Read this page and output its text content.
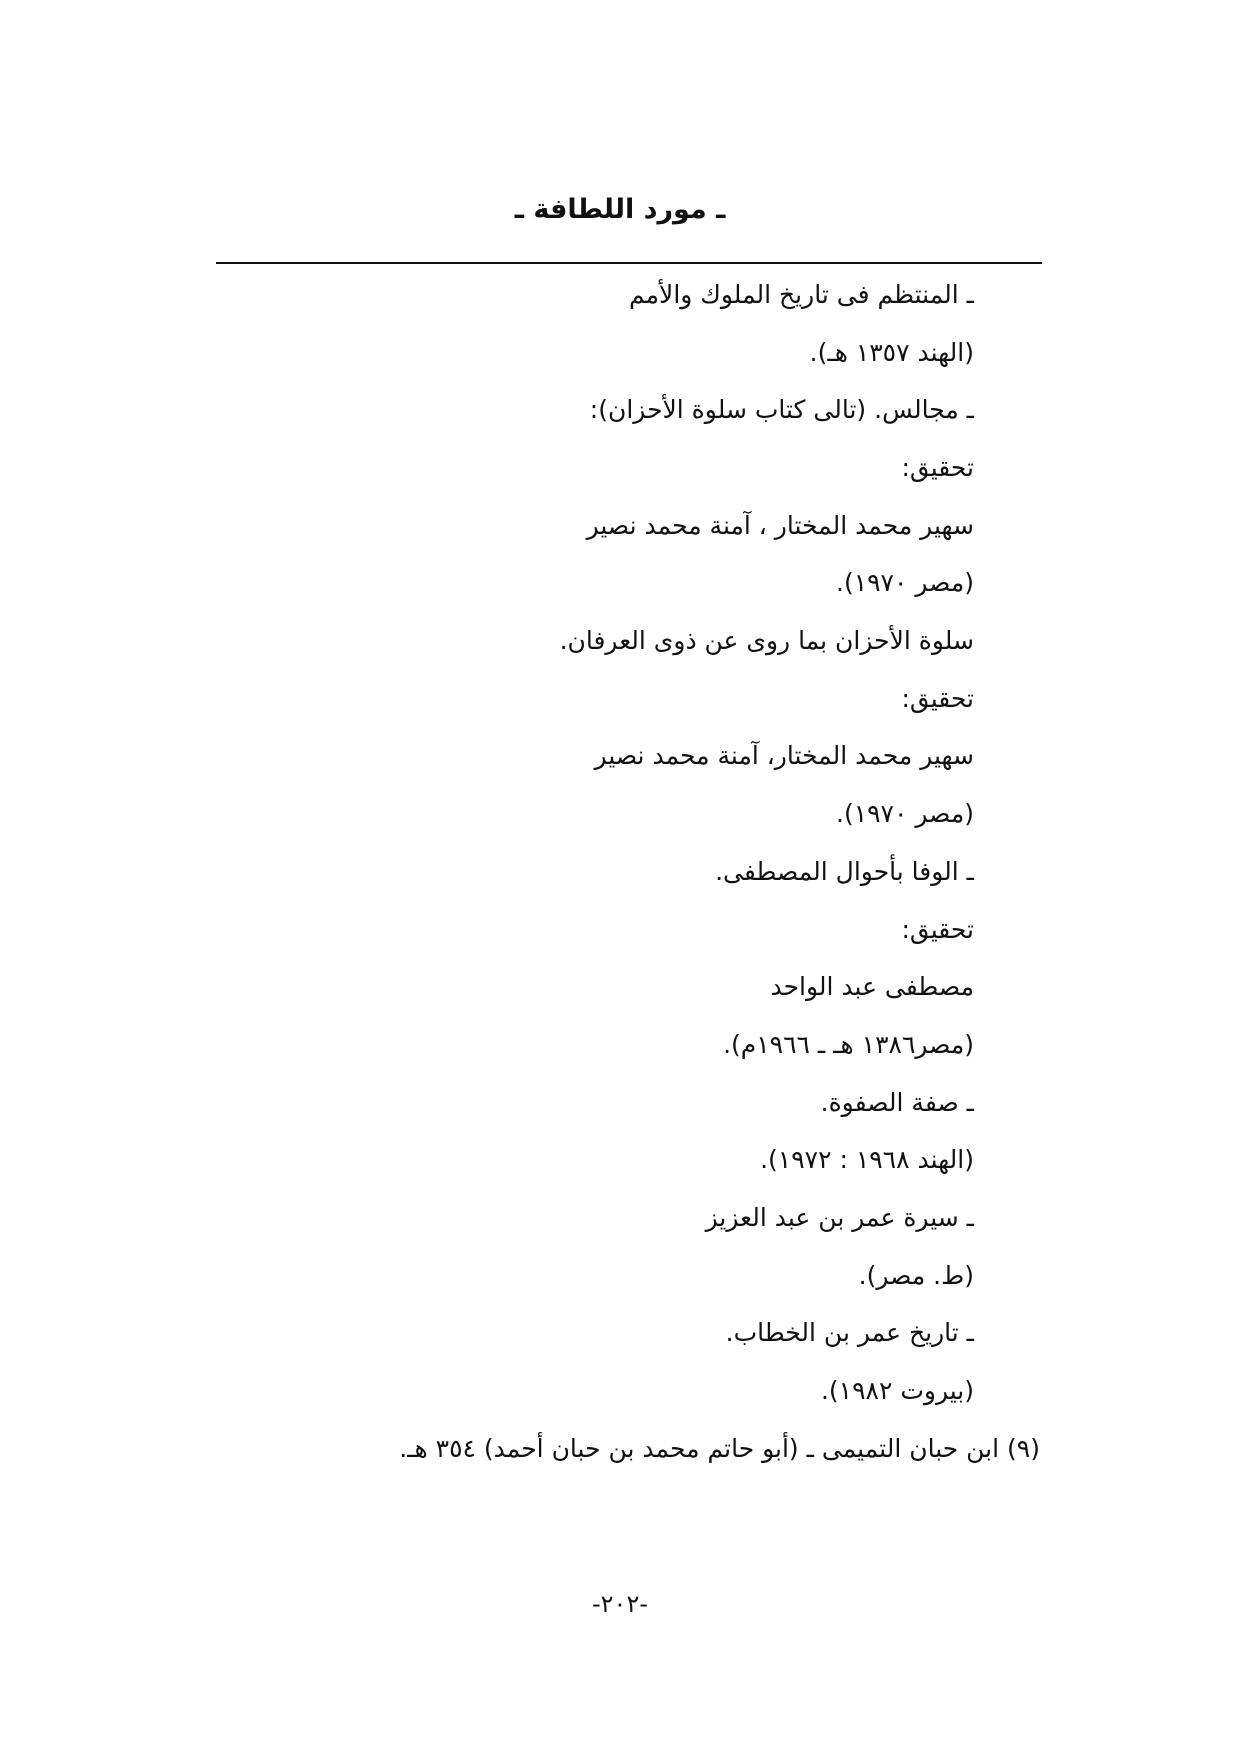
ـ مورد اللطافة ـ
ـ المنتظم فى تاريخ الملوك والأمم
(الهند ١٣٥٧ هـ).
ـ مجالس. (تالى كتاب سلوة الأحزان):
تحقيق:
سهير محمد المختار ، آمنة محمد نصير
(مصر ١٩٧٠).
سلوة الأحزان بما روى عن ذوى العرفان.
تحقيق:
سهير محمد المختار، آمنة محمد نصير
(مصر ١٩٧٠).
ـ الوفا بأحوال المصطفى.
تحقيق:
مصطفى عبد الواحد
(مصر١٣٨٦ هـ ـ ١٩٦٦م).
ـ صفة الصفوة.
(الهند ١٩٦٨ : ١٩٧٢).
ـ سيرة عمر بن عبد العزيز
(ط. مصر).
ـ تاريخ عمر بن الخطاب.
(بيروت ١٩٨٢).
(٩) ابن حبان التميمى ـ (أبو حاتم محمد بن حبان أحمد) ٣٥٤ هـ.
-٢٠٢-
